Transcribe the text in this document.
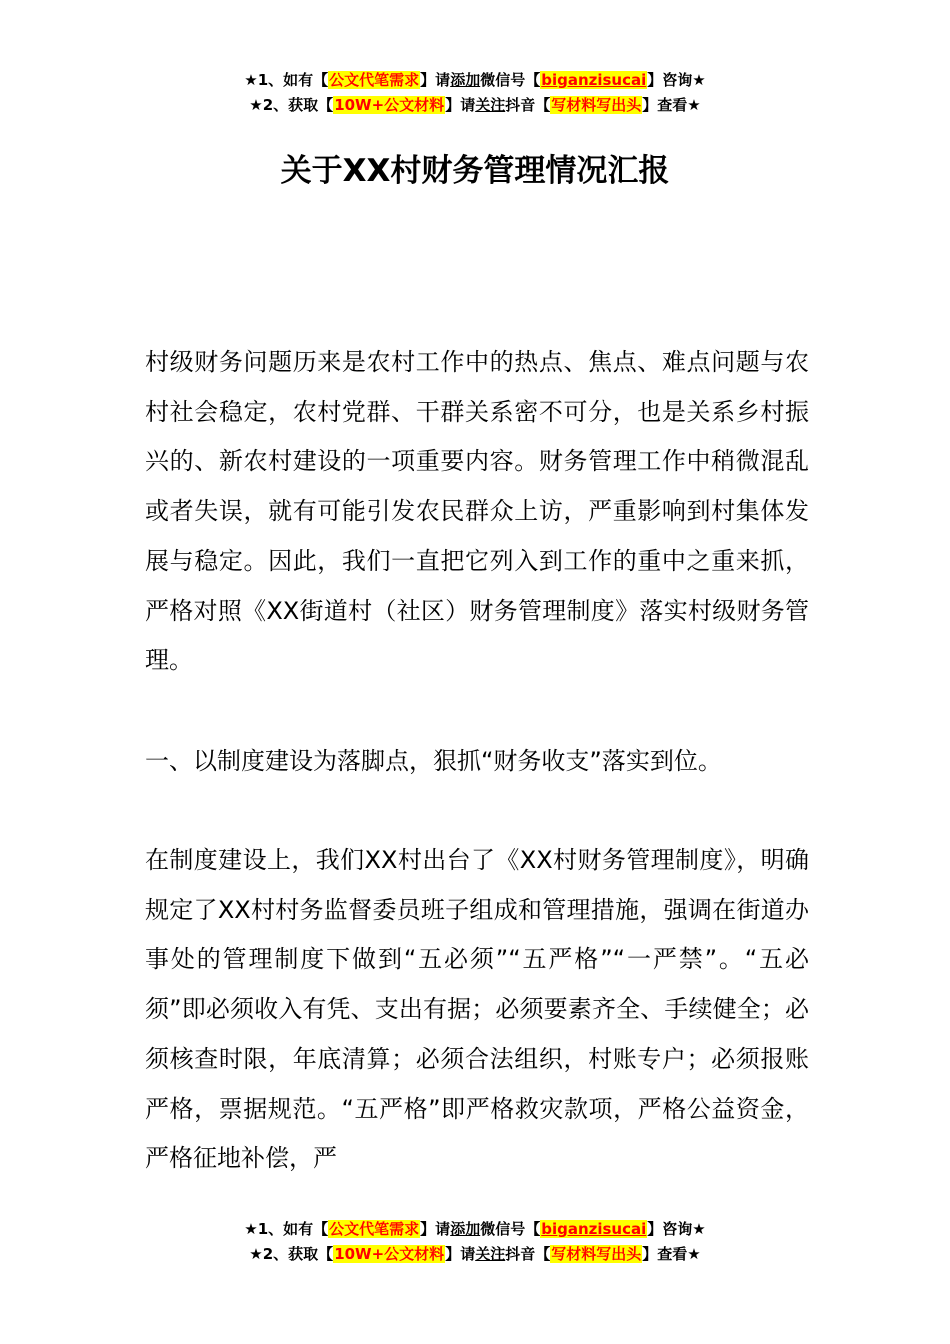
★1、如有【公文代笔需求】请添加微信号【biganzisucai】咨询★
★2、获取【10W+公文材料】请关注抖音【写材料写出头】查看★
关于XX村财务管理情况汇报

村级财务问题历来是农村工作中的热点、焦点、难点问题与农村社会稳定，农村党群、干群关系密不可分，也是关系乡村振兴的、新农村建设的一项重要内容。财务管理工作中稍微混乱或者失误，就有可能引发农民群众上访，严重影响到村集体发展与稳定。因此，我们一直把它列入到工作的重中之重来抓，严格对照《XX街道村（社区）财务管理制度》落实村级财务管理。

一、以制度建设为落脚点，狠抓“财务收支”落实到位。

在制度建设上，我们XX村出台了《XX村财务管理制度》，明确规定了XX村村务监督委员班子组成和管理措施，强调在街道办事处的管理制度下做到“五必须”“五严格”“一严禁”。“五必须”即必须收入有凭、支出有据；必须要素齐全、手续健全；必须核查时限，年底清算；必须合法组织，村账专户；必须报账严格，票据规范。“五严格”即严格救灾款项，严格公益资金，严格征地补偿，严

★1、如有【公文代笔需求】请添加微信号【biganzisucai】咨询★
★2、获取【10W+公文材料】请关注抖音【写材料写出头】查看★
